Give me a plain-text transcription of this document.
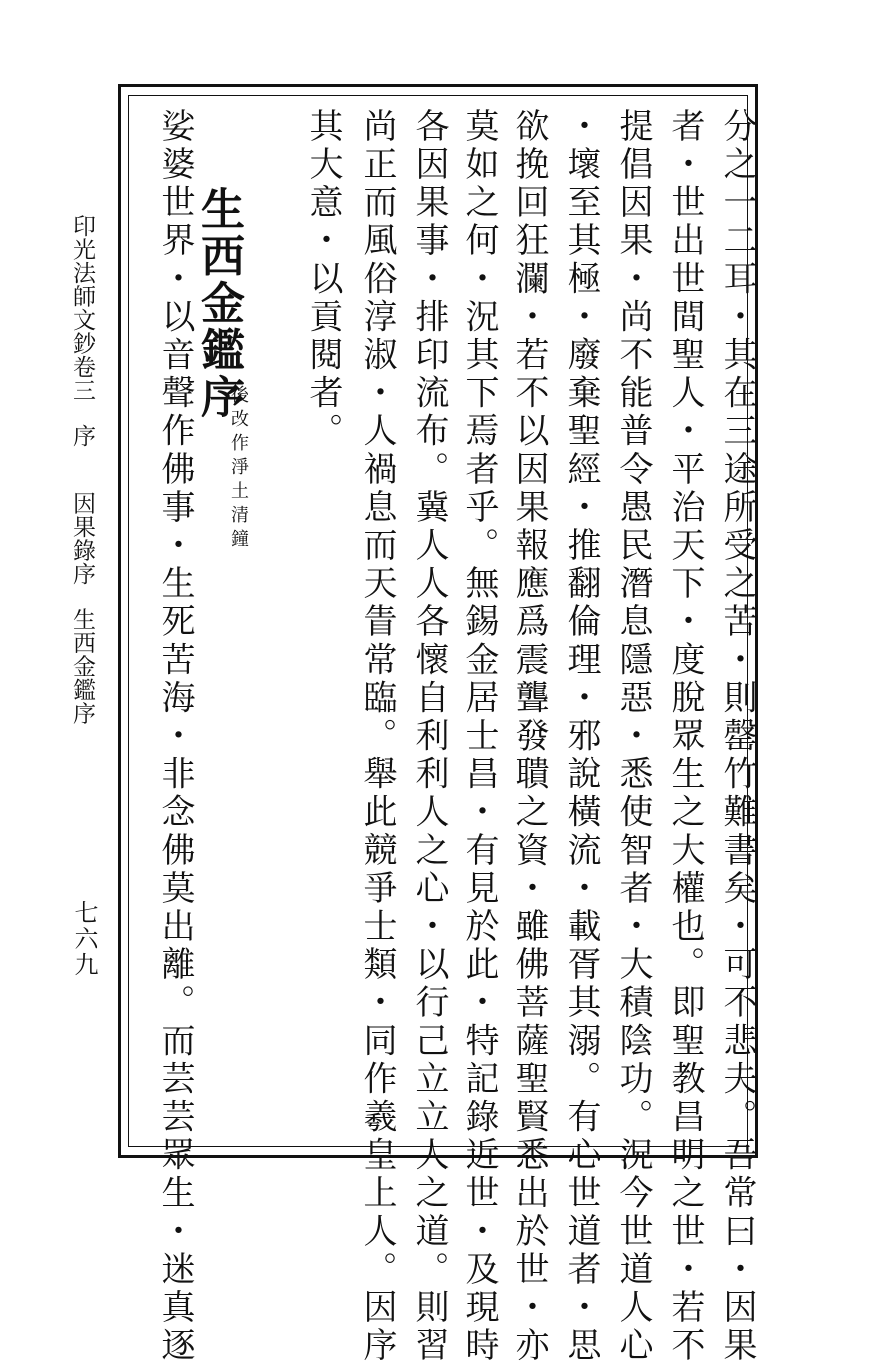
分之一二耳・其在三途所受之苦・則罄竹難書矣・可不悲夫。吾常曰・因果
者・世出世間聖人・平治天下・度脫眾生之大權也。即聖教昌明之世・若不
提倡因果・尚不能普令愚民潛息隱惡・悉使智者・大積陰功。況今世道人心
・壞至其極・廢棄聖經・推翻倫理・邪說橫流・載胥其溺。有心世道者・思
欲挽回狂瀾・若不以因果報應爲震聾發聵之資・雖佛菩薩聖賢悉出於世・亦
莫如之何・況其下焉者乎。無錫金居士昌・有見於此・特記錄近世・及現時
各因果事・排印流布。冀人人各懷自利利人之心・以行己立立人之道。則習
尚正而風俗淳淑・人禍息而天眚常臨。舉此競爭士類・同作羲皇上人。因序
其大意・以貢閱者。
生西金鑑序
後改作淨土清鐘
娑婆世界・以音聲作佛事・生死苦海・非念佛莫出離。而芸芸眾生・迷真逐
印光法師文鈔卷三序因果錄序生西金鑑序
七六九
